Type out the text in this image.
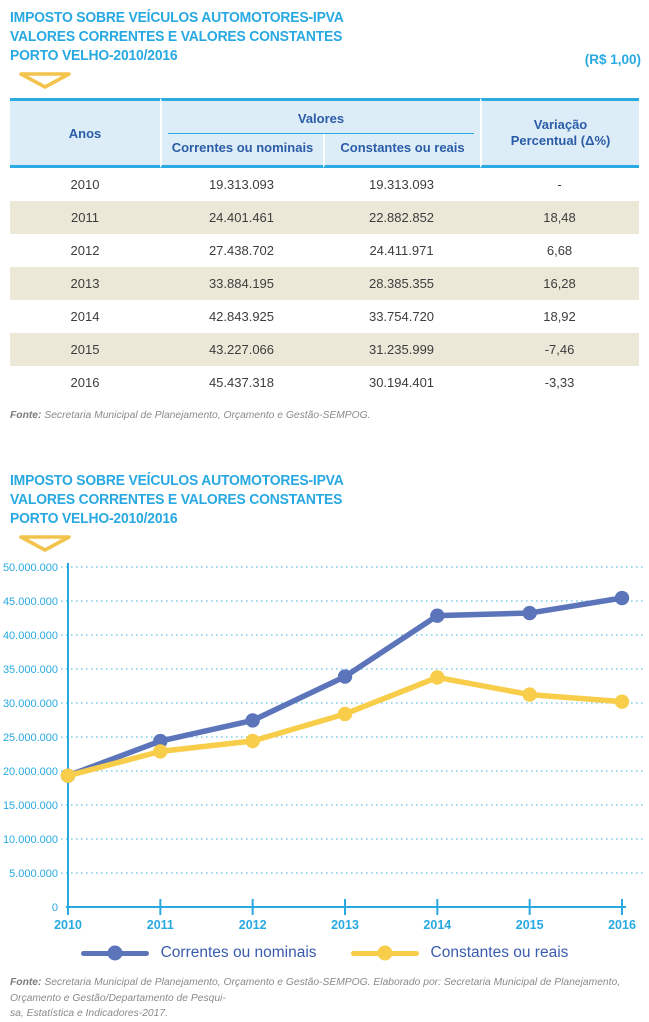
IMPOSTO SOBRE VEÍCULOS AUTOMOTORES-IPVA
VALORES CORRENTES E VALORES CONSTANTES
PORTO VELHO-2010/2016	(R$ 1,00)
Anos	Valores		Variação
Percentual (Δ%)

	Correntes ou nominais	Constantes ou reais	
2010	19.313.093	19.313.093	-
2011	24.401.461	22.882.852	18,48
2012	27.438.702	24.411.971	6,68
2013	33.884.195	28.385.355	16,28
2014	42.843.925	33.754.720	18,92
2015	43.227.066	31.235.999	-7,46
2016	45.437.318	30.194.401	-3,33
Fonte: Secretaria Municipal de Planejamento, Orçamento e Gestão-SEMPOG.
IMPOSTO SOBRE VEÍCULOS AUTOMOTORES-IPVA
VALORES CORRENTES E VALORES CONSTANTES
PORTO VELHO-2010/2016
0
5.000.000
10.000.000
15.000.000
20.000.000
25.000.000
30.000.000
35.000.000
40.000.000
45.000.000
50.000.000
2010	2011	2012	2013	2014	2015	2016
Correntes ou nominais	Constantes ou reais
Fonte: Secretaria Municipal de Planejamento, Orçamento e Gestão-SEMPOG. Elaborado por: Secretaria Municipal de Planejamento, Orçamento e Gestão/Departamento de Pesqui-
sa, Estatística e Indicadores-2017.
